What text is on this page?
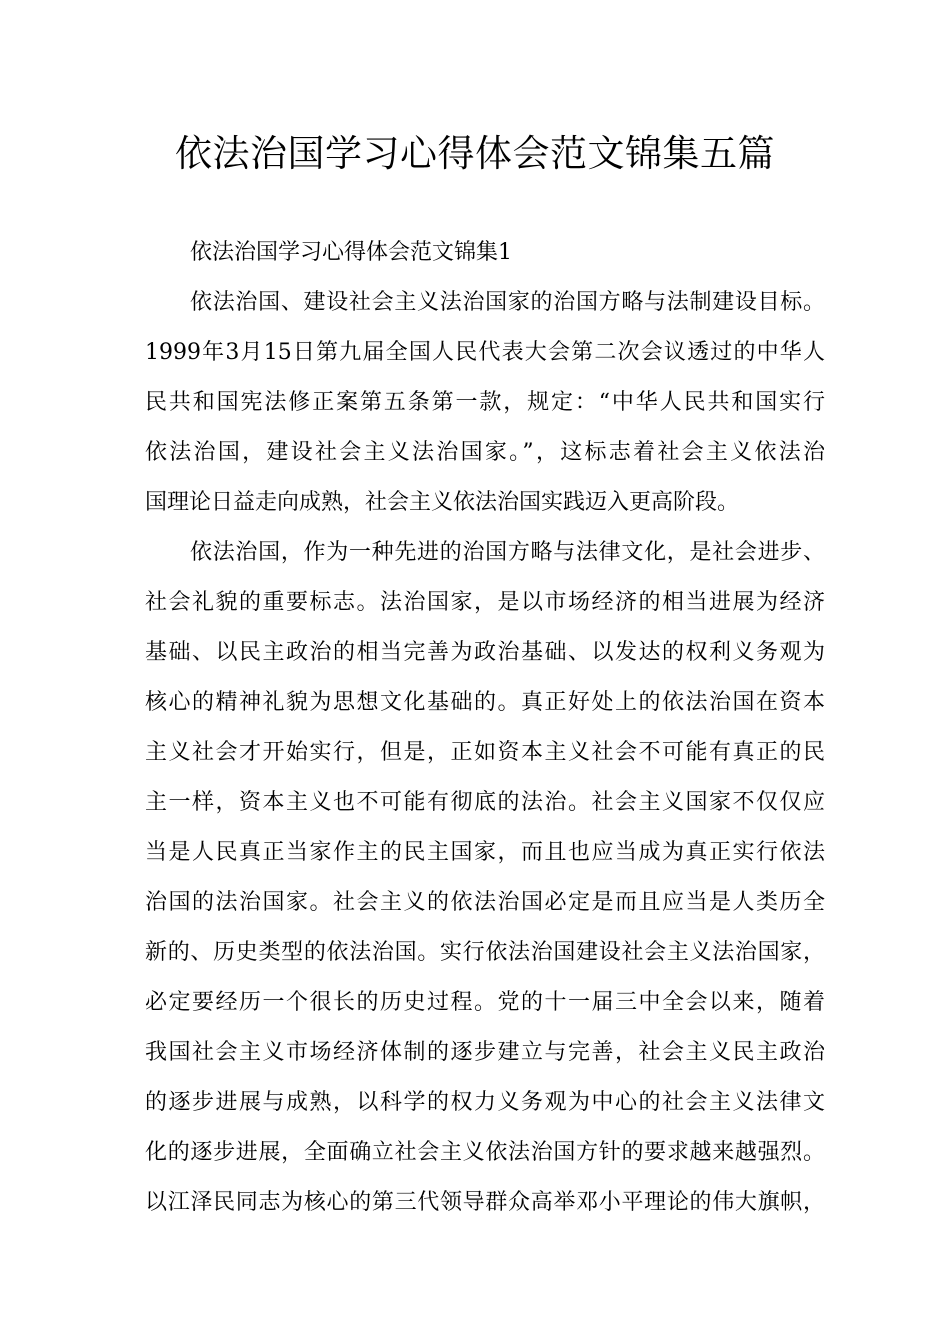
依法治国学习心得体会范文锦集五篇

依法治国学习心得体会范文锦集1

依法治国、建设社会主义法治国家的治国方略与法制建设目标。

1999年3月15日第九届全国人民代表大会第二次会议透过的中华人

民共和国宪法修正案第五条第一款，规定：“中华人民共和国实行

依法治国，建设社会主义法治国家。”，这标志着社会主义依法治

国理论日益走向成熟，社会主义依法治国实践迈入更高阶段。

依法治国，作为一种先进的治国方略与法律文化，是社会进步、

社会礼貌的重要标志。法治国家，是以市场经济的相当进展为经济

基础、以民主政治的相当完善为政治基础、以发达的权利义务观为

核心的精神礼貌为思想文化基础的。真正好处上的依法治国在资本

主义社会才开始实行，但是，正如资本主义社会不可能有真正的民

主一样，资本主义也不可能有彻底的法治。社会主义国家不仅仅应

当是人民真正当家作主的民主国家，而且也应当成为真正实行依法

治国的法治国家。社会主义的依法治国必定是而且应当是人类历全

新的、历史类型的依法治国。实行依法治国建设社会主义法治国家，

必定要经历一个很长的历史过程。党的十一届三中全会以来，随着

我国社会主义市场经济体制的逐步建立与完善，社会主义民主政治

的逐步进展与成熟，以科学的权力义务观为中心的社会主义法律文

化的逐步进展，全面确立社会主义依法治国方针的要求越来越强烈。

以江泽民同志为核心的第三代领导群众高举邓小平理论的伟大旗帜，
